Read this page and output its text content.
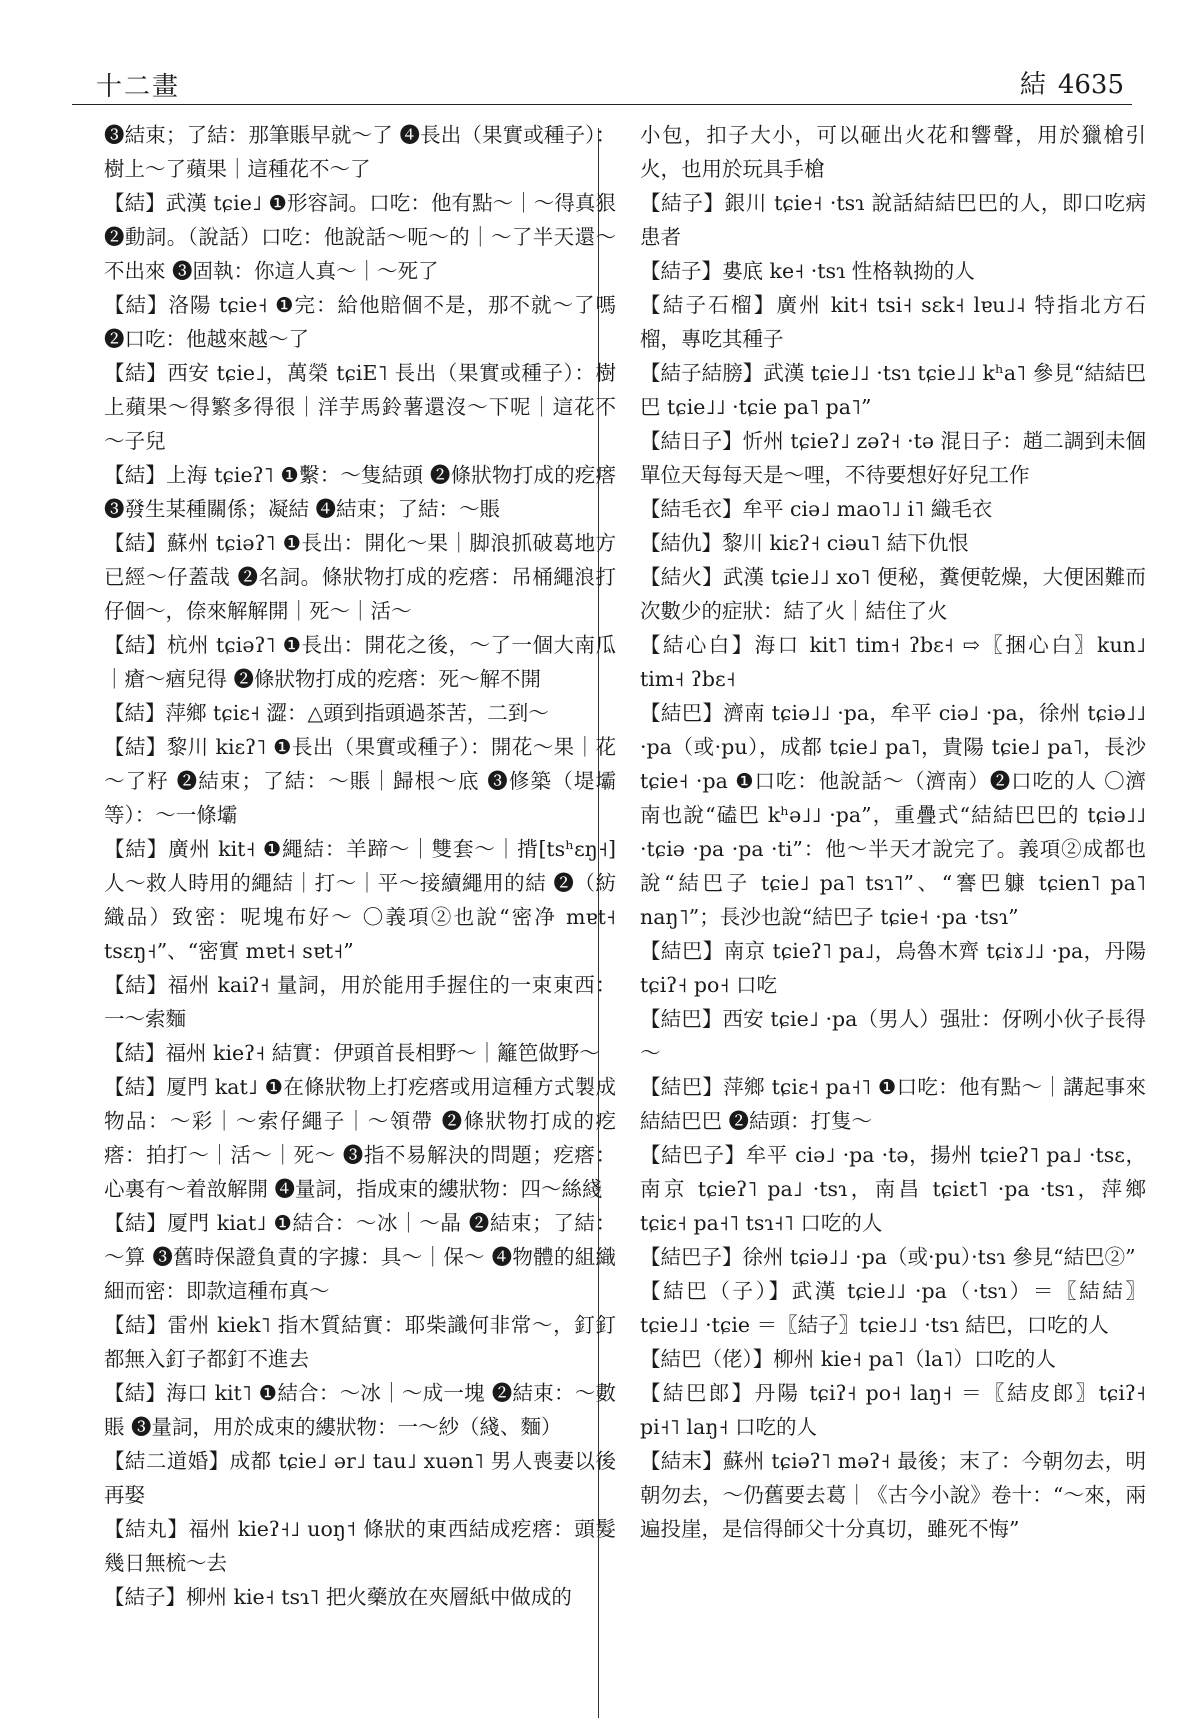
十二畫	結 4635

❸結束；了結：那筆賬早就～了 ❹長出（果實或種子）：樹上～了蘋果｜這種花不～了

【結】武漢 tɕie˩ ❶形容詞。口吃：他有點～｜～得真狠 ❷動詞。（說話）口吃：他說話～呃～的｜～了半天還～不出來 ❸固執：你這人真～｜～死了

【結】洛陽 tɕie˧ ❶完：給他賠個不是，那不就～了嗎 ❷口吃：他越來越～了

【結】西安 tɕie˩，萬榮 tɕiE˥ 長出（果實或種子）：樹上蘋果～得繁多得很｜洋芋馬鈴薯還沒～下呢｜這花不～子兒

【結】上海 tɕieʔ˥ ❶繫：～隻結頭 ❷條狀物打成的疙瘩 ❸發生某種關係；凝結 ❹結束；了結：～賬

【結】蘇州 tɕiəʔ˥ ❶長出：開化～果｜脚浪抓破葛地方已經～仔蓋哉 ❷名詞。條狀物打成的疙瘩：吊桶繩浪打仔個～，倷來解解開｜死～｜活～

【結】杭州 tɕiəʔ˥ ❶長出：開花之後，～了一個大南瓜｜瘡～㾞兒得 ❷條狀物打成的疙瘩：死～解不開

【結】萍鄉 tɕiɛ˧ 澀：△頭到指頭過茶苦，二到～

【結】黎川 kiɛʔ˥ ❶長出（果實或種子）：開花～果｜花～了籽 ❷結束；了結：～賬｜歸根～底 ❸修築（堤壩等）：～一條壩

【結】廣州 kit˧ ❶繩結：羊蹄～｜雙套～｜揹[tsʰɛŋ˧]人～救人時用的繩結｜打～｜平～接續繩用的結 ❷（紡織品）致密：呢塊布好～ 〇義項②也說“密净 mɐt˧ tsɛŋ˧”、“密實 mɐt˧ sɐt˧”

【結】福州 kaiʔ˧ 量詞，用於能用手握住的一束東西：一～索麵

【結】福州 kieʔ˧ 結實：伊頭首長相野～｜籬笆做野～

【結】厦門 kat˩ ❶在條狀物上打疙瘩或用這種方式製成物品：～彩｜～索仔繩子｜～領帶 ❷條狀物打成的疙瘩：拍打～｜活～｜死～ ❸指不易解決的問題；疙瘩：心裏有～着敨解開 ❹量詞，指成束的縷狀物：四～絲綫

【結】厦門 kiat˩ ❶結合：～冰｜～晶 ❷結束；了結：～算 ❸舊時保證負責的字據：具～｜保～ ❹物體的組織細而密：即款這種布真～

【結】雷州 kiek˥ 指木質結實：耶柴識何非常～，釘釘都無入釘子都釘不進去

【結】海口 kit˥ ❶結合：～冰｜～成一塊 ❷結束：～數賬 ❸量詞，用於成束的縷狀物：一～紗（綫、麵）

【結二道婚】成都 tɕie˩ ər˩ tau˩ xuən˥ 男人喪妻以後再娶

【結丸】福州 kieʔ˧˩ uoŋ˦ 條狀的東西結成疙瘩：頭髮幾日無梳～去

【結子】柳州 kie˧ tsɿ˥ 把火藥放在夾層紙中做成的

小包，扣子大小，可以砸出火花和響聲，用於獵槍引火，也用於玩具手槍

【結子】銀川 tɕie˧ ·tsɿ 說話結結巴巴的人，即口吃病患者

【結子】婁底 ke˧ ·tsɿ 性格執拗的人

【結子石榴】廣州 kit˧ tsi˧ sɛk˧ lɐu˩˨ 特指北方石榴，專吃其種子

【結子結膀】武漢 tɕie˩˩ ·tsɿ tɕie˩˩ kʰa˥ 參見“結結巴巴 tɕie˩˩ ·tɕie pa˥ pa˥”

【結日子】忻州 tɕieʔ˩ zəʔ˧ ·tə 混日子：趙二調到未個單位天每每天是～哩，不待要想好好兒工作

【結毛衣】牟平 ciə˩ mao˥˩ i˥ 織毛衣

【結仇】黎川 kiɛʔ˧ ciəu˥ 結下仇恨

【結火】武漢 tɕie˩˩ xo˥ 便秘，糞便乾燥，大便困難而次數少的症狀：結了火｜結住了火

【結心白】海口 kit˥ tim˧ ʔbɛ˧ ⇨〖捆心白〗kun˩ tim˧ ʔbɛ˧

【結巴】濟南 tɕiə˩˩ ·pa，牟平 ciə˩ ·pa，徐州 tɕiə˩˩ ·pa（或·pu），成都 tɕie˩ pa˥，貴陽 tɕie˩ pa˥，長沙 tɕie˧ ·pa ❶口吃：他說話～（濟南）❷口吃的人 〇濟南也說“磕巴 kʰə˩˩ ·pa”，重疊式“結結巴巴的 tɕiə˩˩ ·tɕiə ·pa ·pa ·ti”：他～半天才說完了。義項②成都也說“結巴子 tɕie˩ pa˥ tsɿ˥”、“謇巴躿 tɕien˥ pa˥ naŋ˥”；長沙也說“結巴子 tɕie˧ ·pa ·tsɿ”

【結巴】南京 tɕieʔ˥ pa˩，烏魯木齊 tɕiɤ˩˩ ·pa，丹陽 tɕiʔ˧ po˧ 口吃

【結巴】西安 tɕie˩ ·pa（男人）强壯：伢咧小伙子長得～

【結巴】萍鄉 tɕiɛ˧ pa˧˥ ❶口吃：他有點～｜講起事來結結巴巴 ❷結頭：打隻～

【結巴子】牟平 ciə˩ ·pa ·tə，揚州 tɕieʔ˥ pa˩ ·tsɛ，南京 tɕieʔ˥ pa˩ ·tsɿ，南昌 tɕiɛt˥ ·pa ·tsɿ，萍鄉 tɕiɛ˧ pa˧˥ tsɿ˧˥ 口吃的人

【結巴子】徐州 tɕiə˩˩ ·pa（或·pu）·tsɿ 參見“結巴②”

【結巴（子）】武漢 tɕie˩˩ ·pa（·tsɿ）＝〖結結〗tɕie˩˩ ·tɕie ＝〖結子〗tɕie˩˩ ·tsɿ 結巴，口吃的人

【結巴（佬）】柳州 kie˧ pa˥（la˥）口吃的人

【結巴郎】丹陽 tɕiʔ˧ po˧ laŋ˧ ＝〖結皮郎〗tɕiʔ˧ pi˧˥ laŋ˧ 口吃的人

【結末】蘇州 tɕiəʔ˥ məʔ˧ 最後；末了：今朝勿去，明朝勿去，～仍舊要去葛｜《古今小說》卷十：“～來，兩遍投崖，是信得師父十分真切，雖死不悔”
